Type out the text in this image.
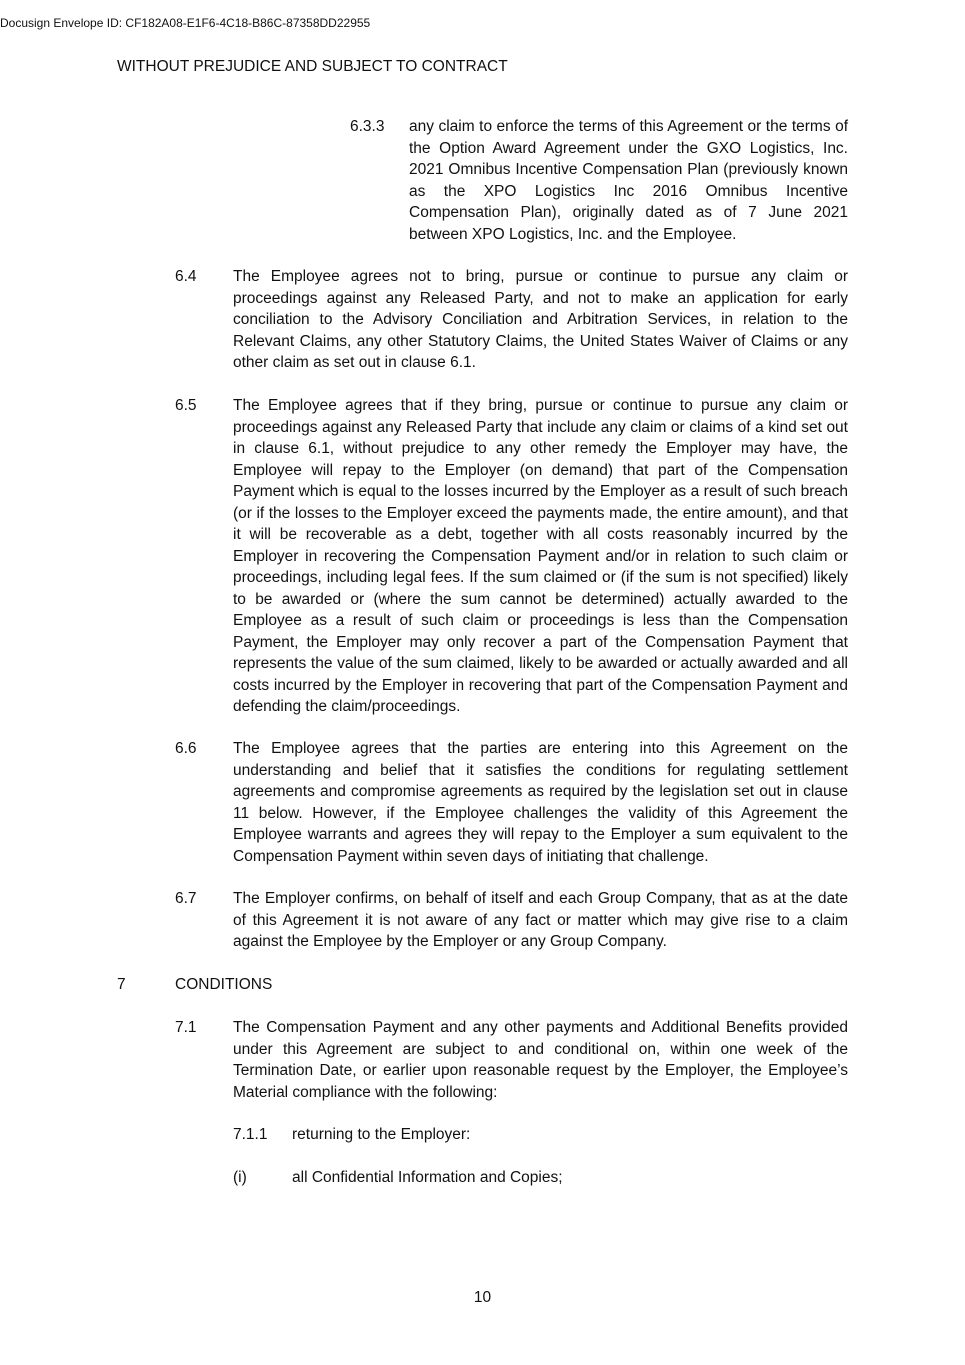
Docusign Envelope ID: CF182A08-E1F6-4C18-B86C-87358DD22955
WITHOUT PREJUDICE AND SUBJECT TO CONTRACT
6.3.3 any claim to enforce the terms of this Agreement or the terms of the Option Award Agreement under the GXO Logistics, Inc. 2021 Omnibus Incentive Compensation Plan (previously known as the XPO Logistics Inc 2016 Omnibus Incentive Compensation Plan), originally dated as of 7 June 2021 between XPO Logistics, Inc. and the Employee.
6.4 The Employee agrees not to bring, pursue or continue to pursue any claim or proceedings against any Released Party, and not to make an application for early conciliation to the Advisory Conciliation and Arbitration Services, in relation to the Relevant Claims, any other Statutory Claims, the United States Waiver of Claims or any other claim as set out in clause 6.1.
6.5 The Employee agrees that if they bring, pursue or continue to pursue any claim or proceedings against any Released Party that include any claim or claims of a kind set out in clause 6.1, without prejudice to any other remedy the Employer may have, the Employee will repay to the Employer (on demand) that part of the Compensation Payment which is equal to the losses incurred by the Employer as a result of such breach (or if the losses to the Employer exceed the payments made, the entire amount), and that it will be recoverable as a debt, together with all costs reasonably incurred by the Employer in recovering the Compensation Payment and/or in relation to such claim or proceedings, including legal fees. If the sum claimed or (if the sum is not specified) likely to be awarded or (where the sum cannot be determined) actually awarded to the Employee as a result of such claim or proceedings is less than the Compensation Payment, the Employer may only recover a part of the Compensation Payment that represents the value of the sum claimed, likely to be awarded or actually awarded and all costs incurred by the Employer in recovering that part of the Compensation Payment and defending the claim/proceedings.
6.6 The Employee agrees that the parties are entering into this Agreement on the understanding and belief that it satisfies the conditions for regulating settlement agreements and compromise agreements as required by the legislation set out in clause 11 below. However, if the Employee challenges the validity of this Agreement the Employee warrants and agrees they will repay to the Employer a sum equivalent to the Compensation Payment within seven days of initiating that challenge.
6.7 The Employer confirms, on behalf of itself and each Group Company, that as at the date of this Agreement it is not aware of any fact or matter which may give rise to a claim against the Employee by the Employer or any Group Company.
7	CONDITIONS
7.1 The Compensation Payment and any other payments and Additional Benefits provided under this Agreement are subject to and conditional on, within one week of the Termination Date, or earlier upon reasonable request by the Employer, the Employee’s Material compliance with the following:
7.1.1 returning to the Employer:
(i)	all Confidential Information and Copies;
10
